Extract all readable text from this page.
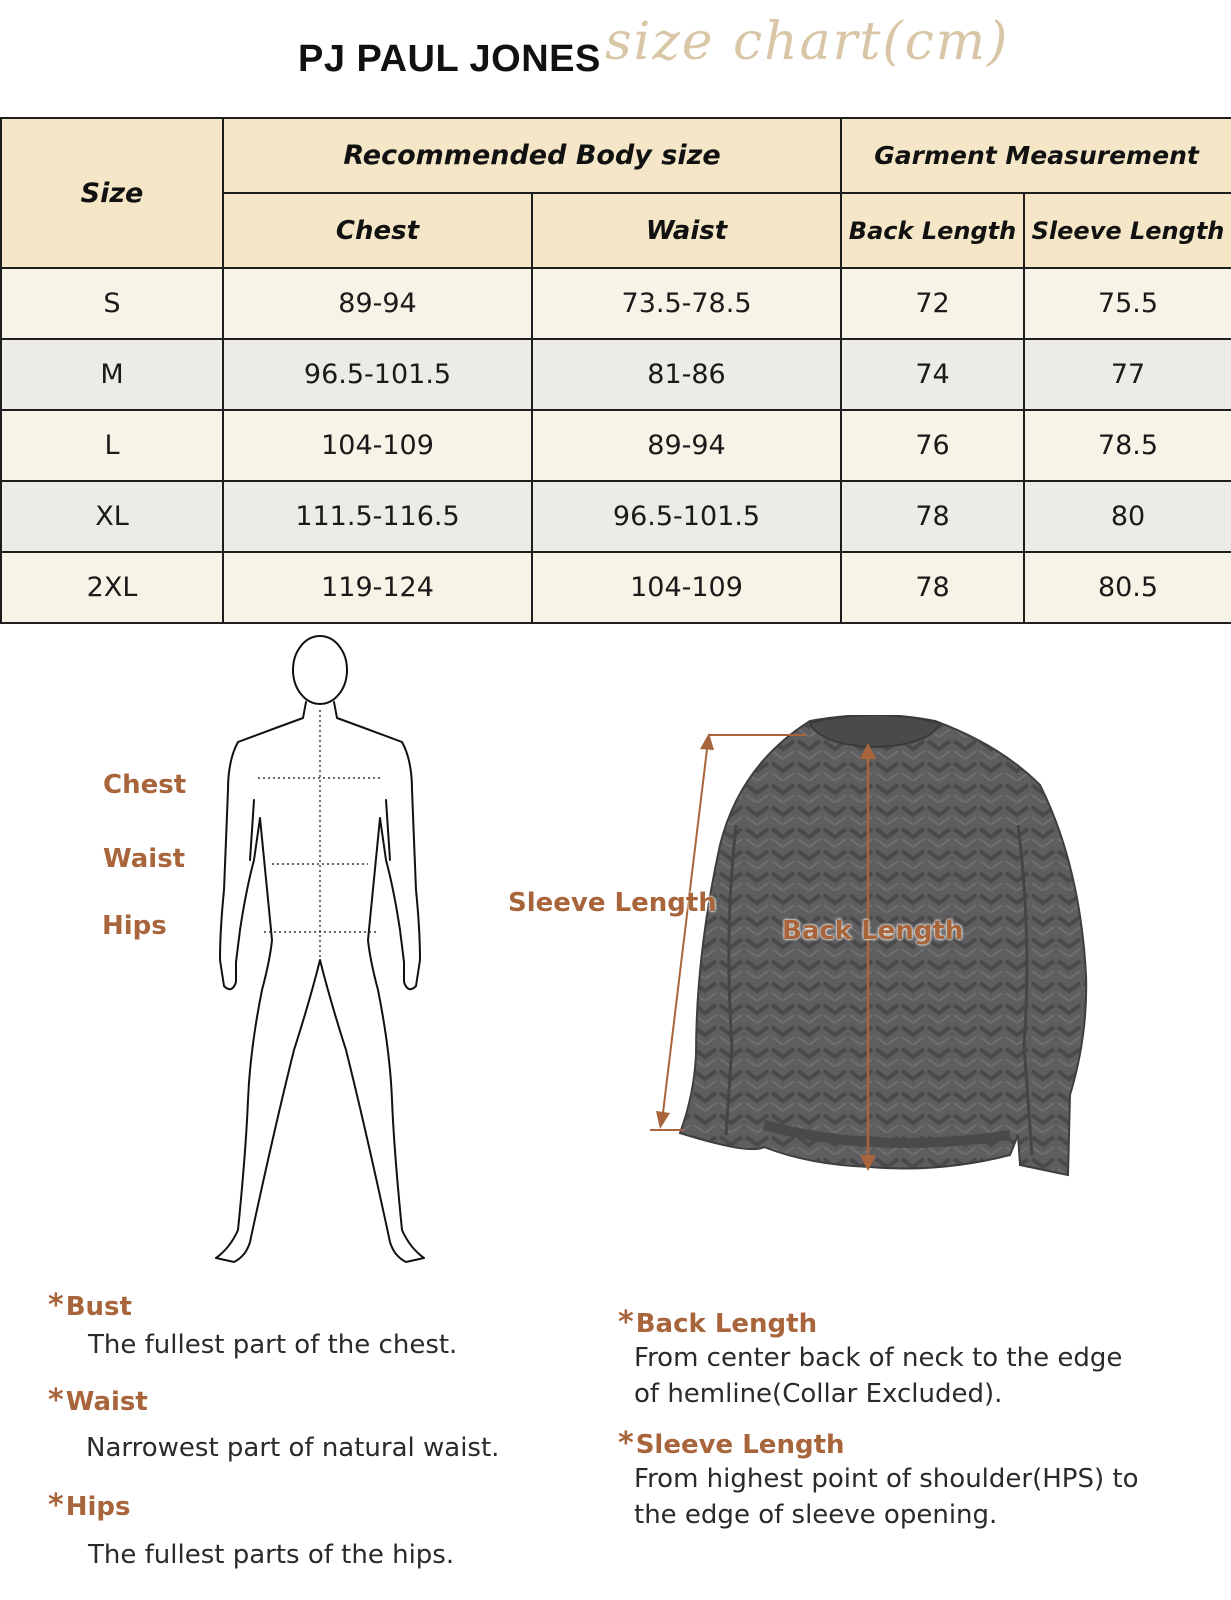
PJ PAUL JONES size chart(cm)
Size	Recommended Body size		Garment Measurement	
	Chest	Waist	Back Length	Sleeve Length
S	89-94	73.5-78.5	72	75.5
M	96.5-101.5	81-86	74	77
L	104-109	89-94	76	78.5
XL	111.5-116.5	96.5-101.5	78	80
2XL	119-124	104-109	78	80.5
Chest
Waist
Hips
Sleeve Length
Back Length
*Bust
The fullest part of the chest.
*Waist
Narrowest part of natural waist.
*Hips
The fullest parts of the hips.
*Back Length
From center back of neck to the edge
of hemline(Collar Excluded).
*Sleeve Length
From highest point of shoulder(HPS) to
the edge of sleeve opening.
